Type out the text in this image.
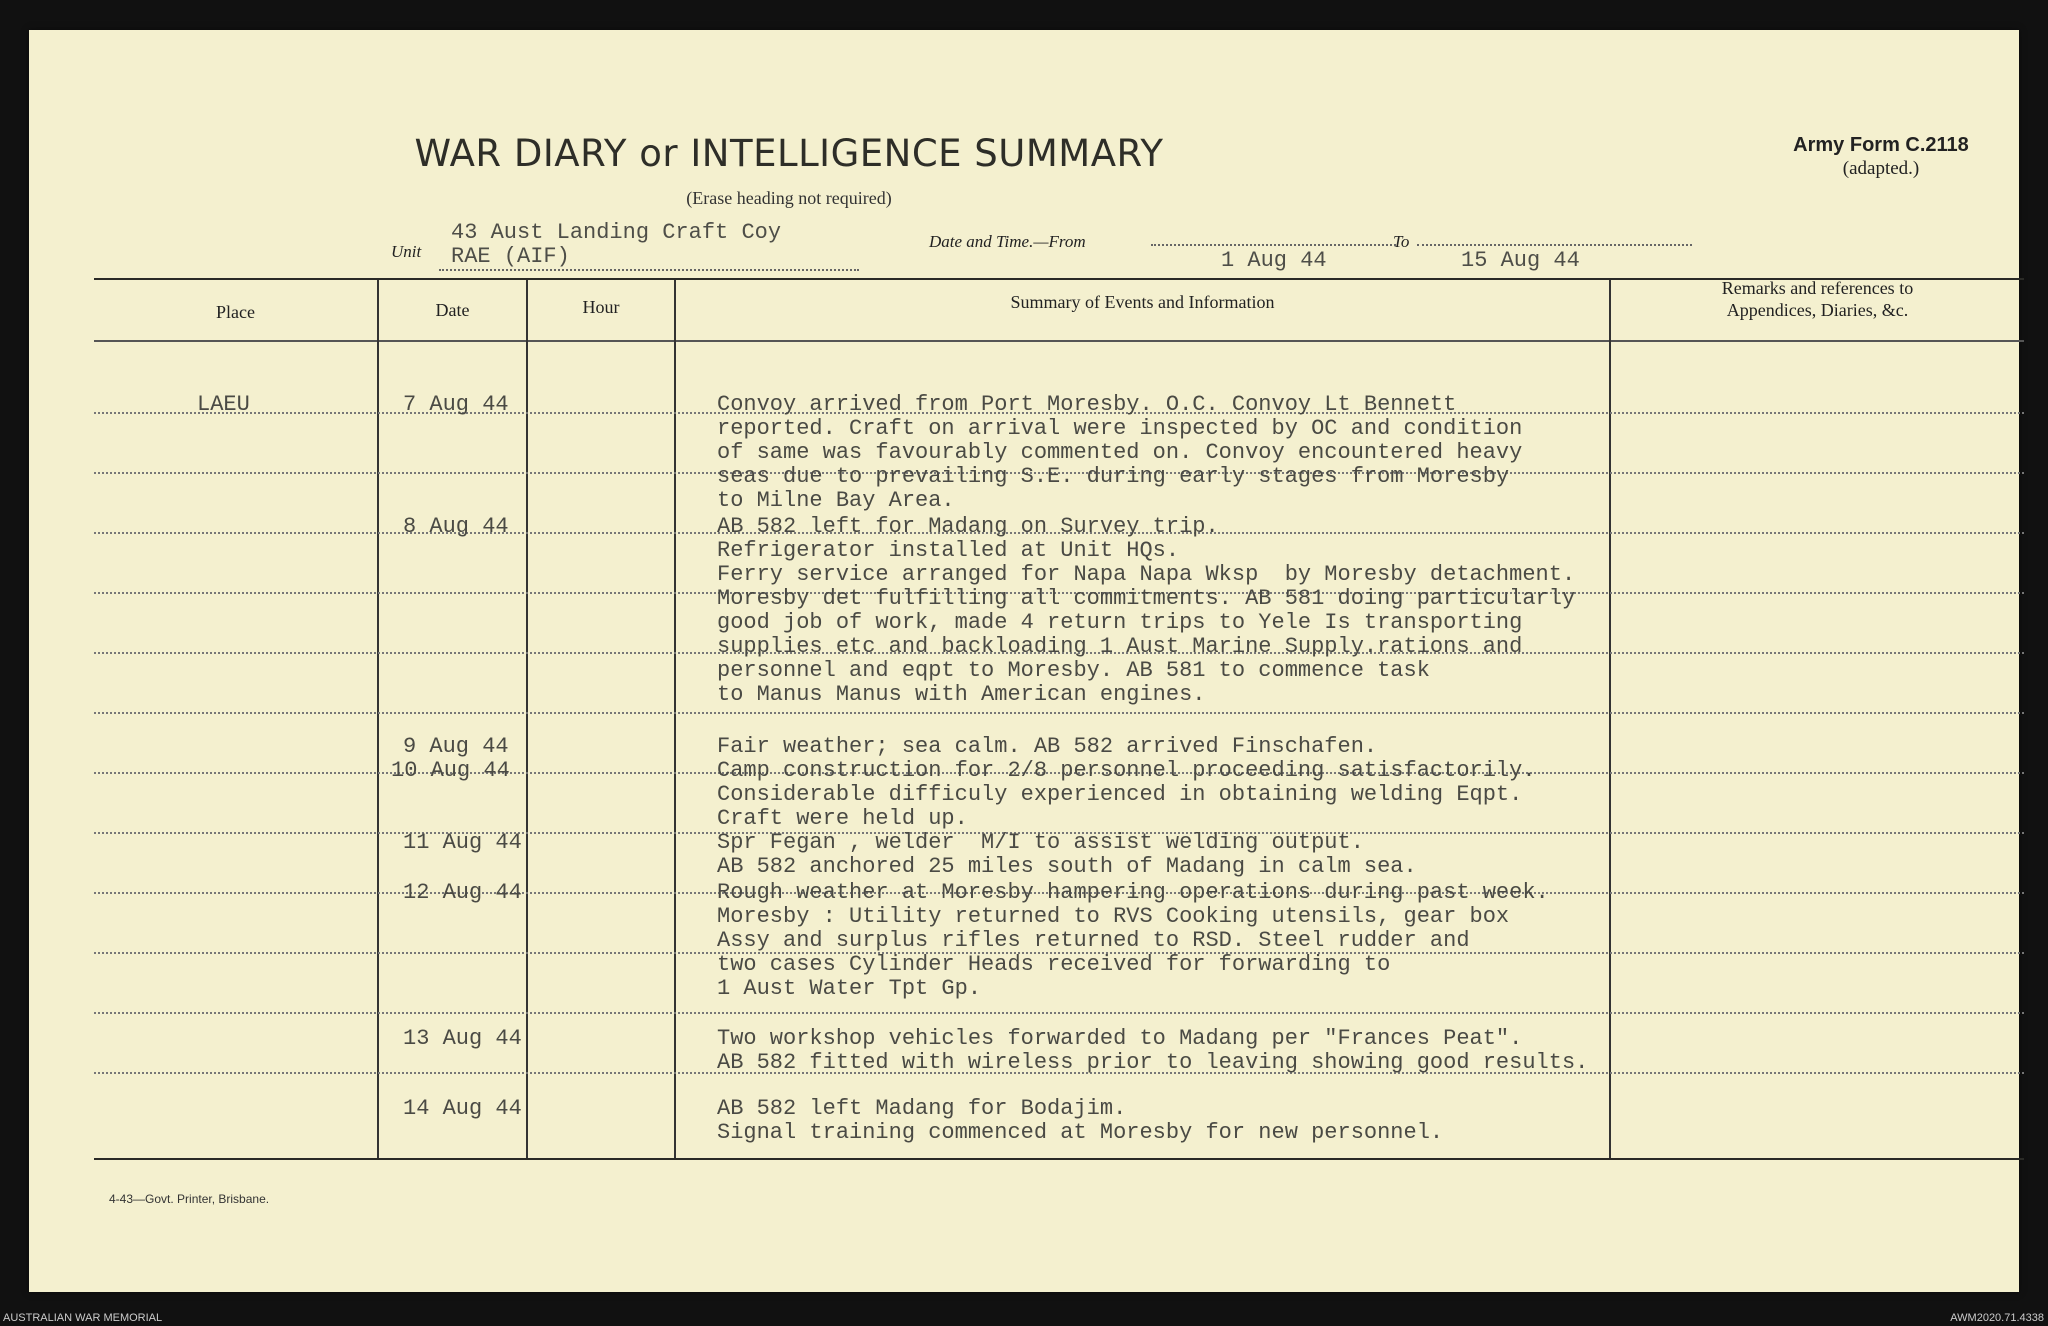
WAR DIARY or INTELLIGENCE SUMMARY
(Erase heading not required)
Army Form C.2118
(adapted.)
Unit
43 Aust Landing Craft Coy
RAE (AIF)
Date and Time.—From
1 Aug 44
To
15 Aug 44
Place	Date	Hour	Summary of Events and Information
Remarks and references to
Appendices, Diaries, &c.
LAEU	7 Aug 44	Convoy arrived from Port Moresby. O.C. Convoy Lt Bennett
reported. Craft on arrival were inspected by OC and condition
of same was favourably commented on. Convoy encountered heavy
seas due to prevailing S.E. during early stages from Moresby
to Milne Bay Area.
8 Aug 44	AB 582 left for Madang on Survey trip.
Refrigerator installed at Unit HQs.
Ferry service arranged for Napa Napa Wksp  by Moresby detachment.
Moresby det fulfilling all commitments. AB 581 doing particularly
good job of work, made 4 return trips to Yele Is transporting
supplies etc and backloading 1 Aust Marine Supply.rations and
personnel and eqpt to Moresby. AB 581 to commence task
to Manus Manus with American engines.
9 Aug 44	Fair weather; sea calm. AB 582 arrived Finschafen.
10 Aug 44	Camp construction for 2/8 personnel proceeding satisfactorily.
Considerable difficuly experienced in obtaining welding Eqpt.
Craft were held up.
11 Aug 44	Spr Fegan , welder  M/I to assist welding output.
AB 582 anchored 25 miles south of Madang in calm sea.
12 Aug 44	Rough weather at Moresby hampering operations during past week.
Moresby : Utility returned to RVS Cooking utensils, gear box
Assy and surplus rifles returned to RSD. Steel rudder and
two cases Cylinder Heads received for forwarding to
1 Aust Water Tpt Gp.
13 Aug 44	Two workshop vehicles forwarded to Madang per "Frances Peat".
AB 582 fitted with wireless prior to leaving showing good results.
14 Aug 44	AB 582 left Madang for Bodajim.
Signal training commenced at Moresby for new personnel.
4-43—Govt. Printer, Brisbane.
AUSTRALIAN WAR MEMORIAL	AWM2020.71.4338
